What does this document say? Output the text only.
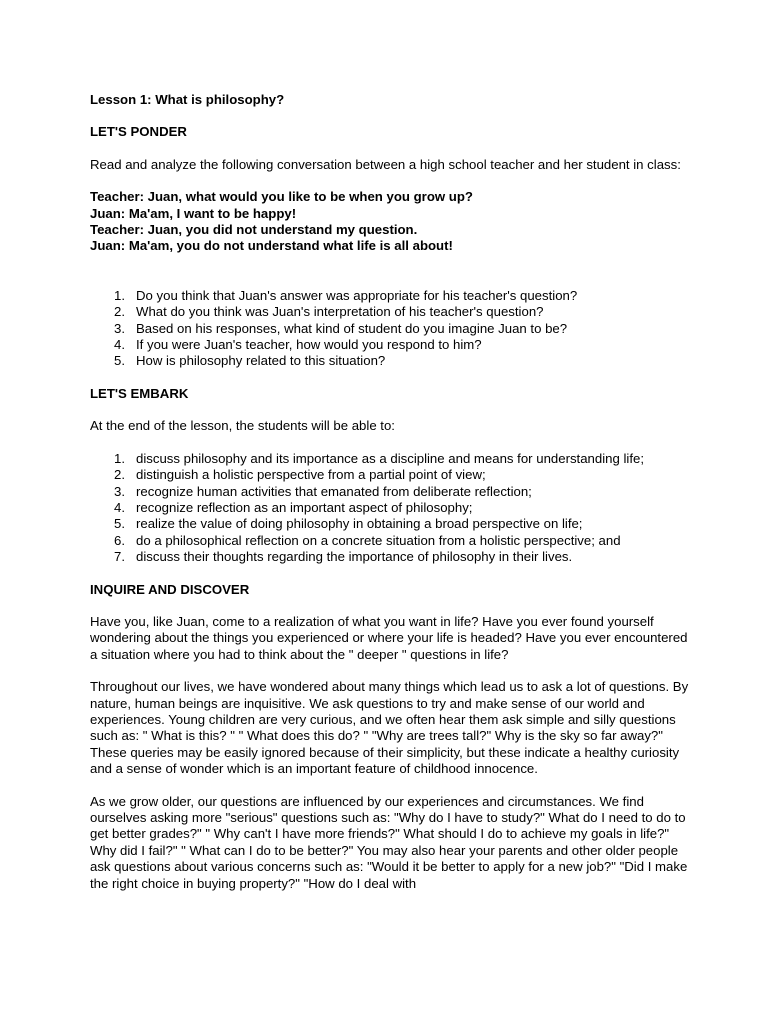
Lesson 1: What is philosophy?

LET'S PONDER

Read and analyze the following conversation between a high school teacher and her student in class:

Teacher: Juan, what would you like to be when you grow up?

Juan: Ma'am, I want to be happy!

Teacher: Juan, you did not understand my question.

Juan: Ma'am, you do not understand what life is all about!

1. Do you think that Juan's answer was appropriate for his teacher's question?
2. What do you think was Juan's interpretation of his teacher's question?
3. Based on his responses, what kind of student do you imagine Juan to be?
4. If you were Juan's teacher, how would you respond to him?
5. How is philosophy related to this situation?

LET'S EMBARK

At the end of the lesson, the students will be able to:

1. discuss philosophy and its importance as a discipline and means for understanding life;
2. distinguish a holistic perspective from a partial point of view;
3. recognize human activities that emanated from deliberate reflection;
4. recognize reflection as an important aspect of philosophy;
5. realize the value of doing philosophy in obtaining a broad perspective on life;
6. do a philosophical reflection on a concrete situation from a holistic perspective; and
7. discuss their thoughts regarding the importance of philosophy in their lives.

INQUIRE AND DISCOVER

Have you, like Juan, come to a realization of what you want in life? Have you ever found yourself wondering about the things you experienced or where your life is headed? Have you ever encountered a situation where you had to think about the " deeper " questions in life?

Throughout our lives, we have wondered about many things which lead us to ask a lot of questions. By nature, human beings are inquisitive. We ask questions to try and make sense of our world and experiences. Young children are very curious, and we often hear them ask simple and silly questions such as: " What is this? " " What does this do? " "Why are trees tall?" Why is the sky so far away?" These queries may be easily ignored because of their simplicity, but these indicate a healthy curiosity and a sense of wonder which is an important feature of childhood innocence.

As we grow older, our questions are influenced by our experiences and circumstances. We find ourselves asking more "serious" questions such as: "Why do I have to study?" What do I need to do to get better grades?" " Why can't I have more friends?" What should I do to achieve my goals in life?" Why did I fail?" " What can I do to be better?" You may also hear your parents and other older people ask questions about various concerns such as: "Would it be better to apply for a new job?" "Did I make the right choice in buying property?" "How do I deal with
